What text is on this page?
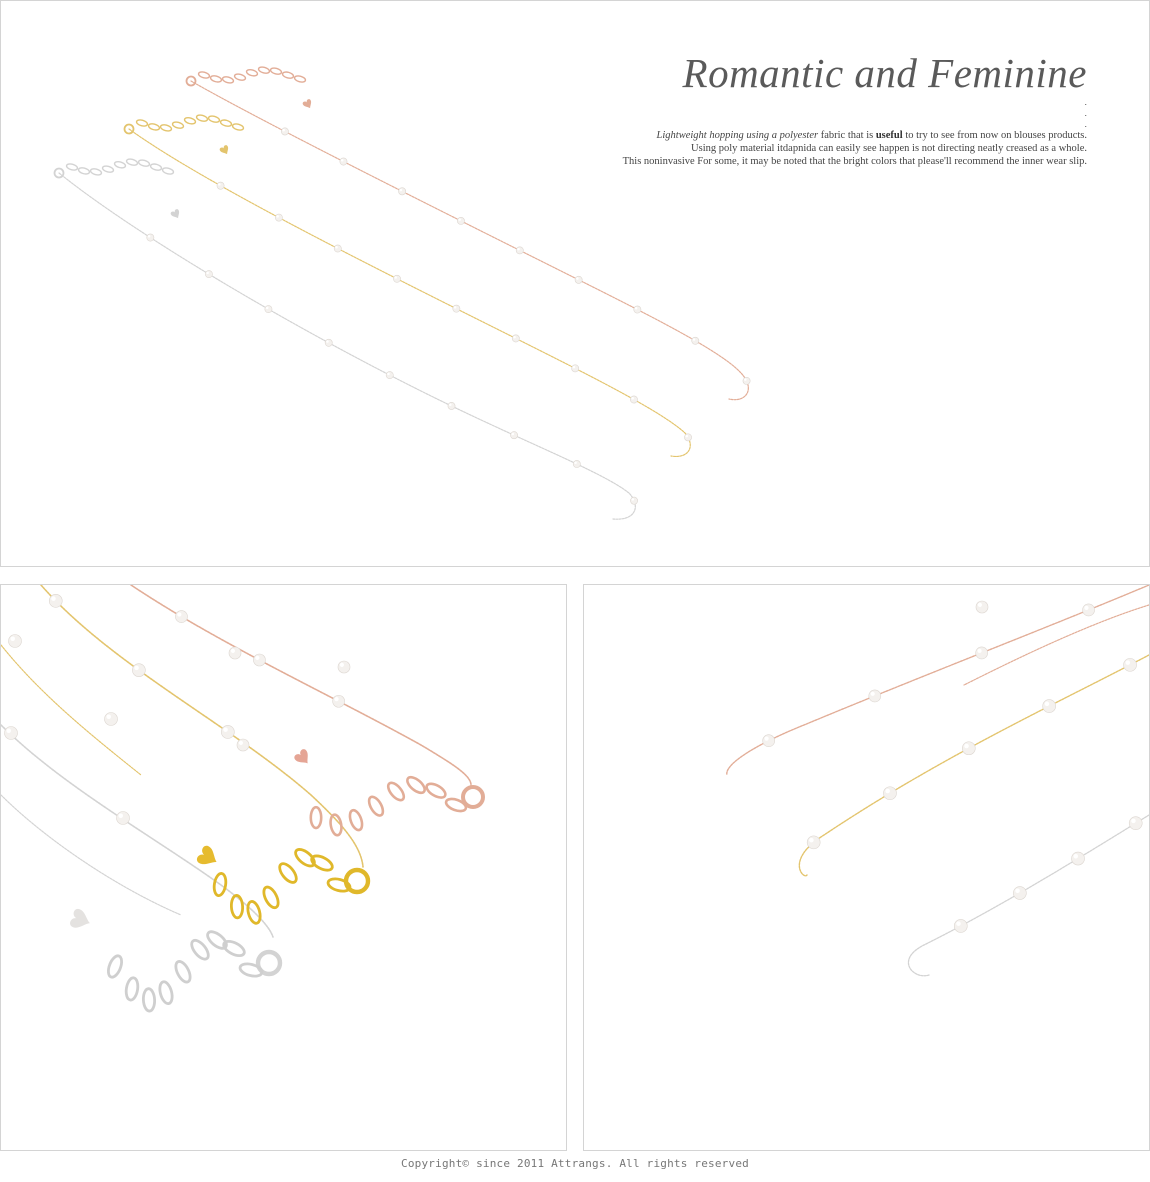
Romantic and Feminine
.
.
.
Lightweight hopping using a polyester fabric that is useful to try to see from now on blouses products.
Using poly material itdapnida can easily see happen is not directing neatly creased as a whole.
This noninvasive For some, it may be noted that the bright colors that please'll recommend the inner wear slip.
Copyright© since 2011 Attrangs. All rights reserved
